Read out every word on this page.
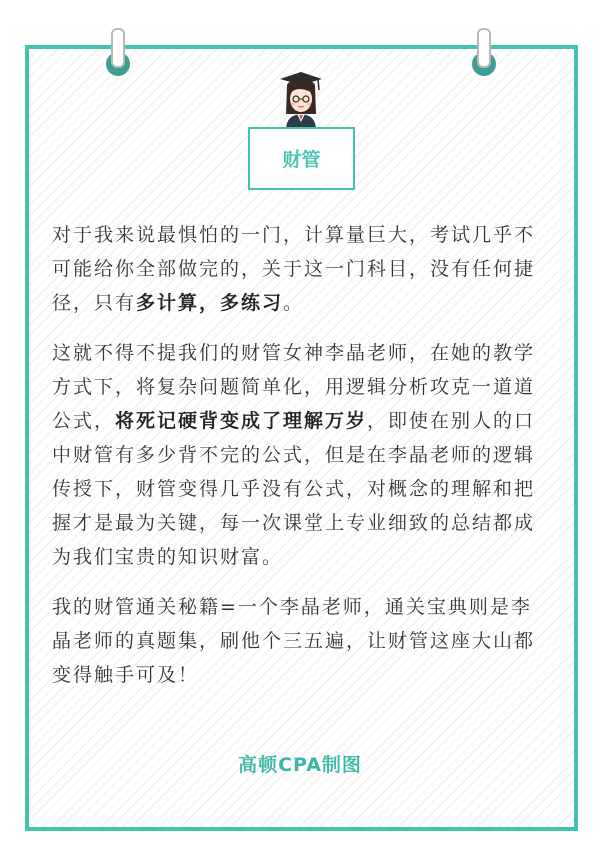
财管

对于我来说最惧怕的一门，计算量巨大，考试几乎不可能给你全部做完的，关于这一门科目，没有任何捷径，只有多计算，多练习。

这就不得不提我们的财管女神李晶老师，在她的教学方式下，将复杂问题简单化，用逻辑分析攻克一道道公式，将死记硬背变成了理解万岁，即使在别人的口中财管有多少背不完的公式，但是在李晶老师的逻辑传授下，财管变得几乎没有公式，对概念的理解和把握才是最为关键，每一次课堂上专业细致的总结都成为我们宝贵的知识财富。

我的财管通关秘籍=一个李晶老师，通关宝典则是李晶老师的真题集，刷他个三五遍，让财管这座大山都变得触手可及！

高顿CPA制图
